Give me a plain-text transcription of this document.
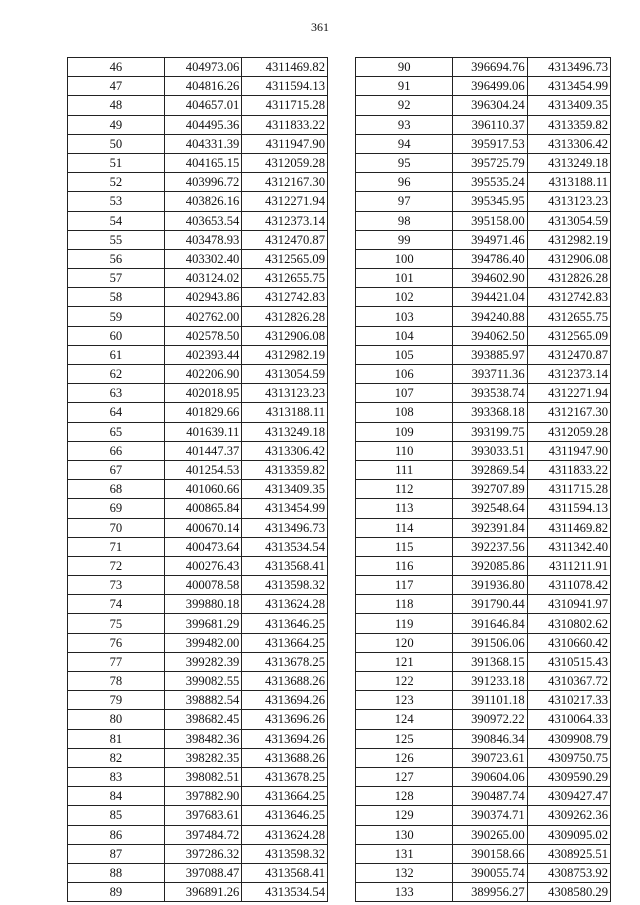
361
46	404973.06	4311469.82
47	404816.26	4311594.13
48	404657.01	4311715.28
49	404495.36	4311833.22
50	404331.39	4311947.90
51	404165.15	4312059.28
52	403996.72	4312167.30
53	403826.16	4312271.94
54	403653.54	4312373.14
55	403478.93	4312470.87
56	403302.40	4312565.09
57	403124.02	4312655.75
58	402943.86	4312742.83
59	402762.00	4312826.28
60	402578.50	4312906.08
61	402393.44	4312982.19
62	402206.90	4313054.59
63	402018.95	4313123.23
64	401829.66	4313188.11
65	401639.11	4313249.18
66	401447.37	4313306.42
67	401254.53	4313359.82
68	401060.66	4313409.35
69	400865.84	4313454.99
70	400670.14	4313496.73
71	400473.64	4313534.54
72	400276.43	4313568.41
73	400078.58	4313598.32
74	399880.18	4313624.28
75	399681.29	4313646.25
76	399482.00	4313664.25
77	399282.39	4313678.25
78	399082.55	4313688.26
79	398882.54	4313694.26
80	398682.45	4313696.26
81	398482.36	4313694.26
82	398282.35	4313688.26
83	398082.51	4313678.25
84	397882.90	4313664.25
85	397683.61	4313646.25
86	397484.72	4313624.28
87	397286.32	4313598.32
88	397088.47	4313568.41
89	396891.26	4313534.54
90	396694.76	4313496.73
91	396499.06	4313454.99
92	396304.24	4313409.35
93	396110.37	4313359.82
94	395917.53	4313306.42
95	395725.79	4313249.18
96	395535.24	4313188.11
97	395345.95	4313123.23
98	395158.00	4313054.59
99	394971.46	4312982.19
100	394786.40	4312906.08
101	394602.90	4312826.28
102	394421.04	4312742.83
103	394240.88	4312655.75
104	394062.50	4312565.09
105	393885.97	4312470.87
106	393711.36	4312373.14
107	393538.74	4312271.94
108	393368.18	4312167.30
109	393199.75	4312059.28
110	393033.51	4311947.90
111	392869.54	4311833.22
112	392707.89	4311715.28
113	392548.64	4311594.13
114	392391.84	4311469.82
115	392237.56	4311342.40
116	392085.86	4311211.91
117	391936.80	4311078.42
118	391790.44	4310941.97
119	391646.84	4310802.62
120	391506.06	4310660.42
121	391368.15	4310515.43
122	391233.18	4310367.72
123	391101.18	4310217.33
124	390972.22	4310064.33
125	390846.34	4309908.79
126	390723.61	4309750.75
127	390604.06	4309590.29
128	390487.74	4309427.47
129	390374.71	4309262.36
130	390265.00	4309095.02
131	390158.66	4308925.51
132	390055.74	4308753.92
133	389956.27	4308580.29
